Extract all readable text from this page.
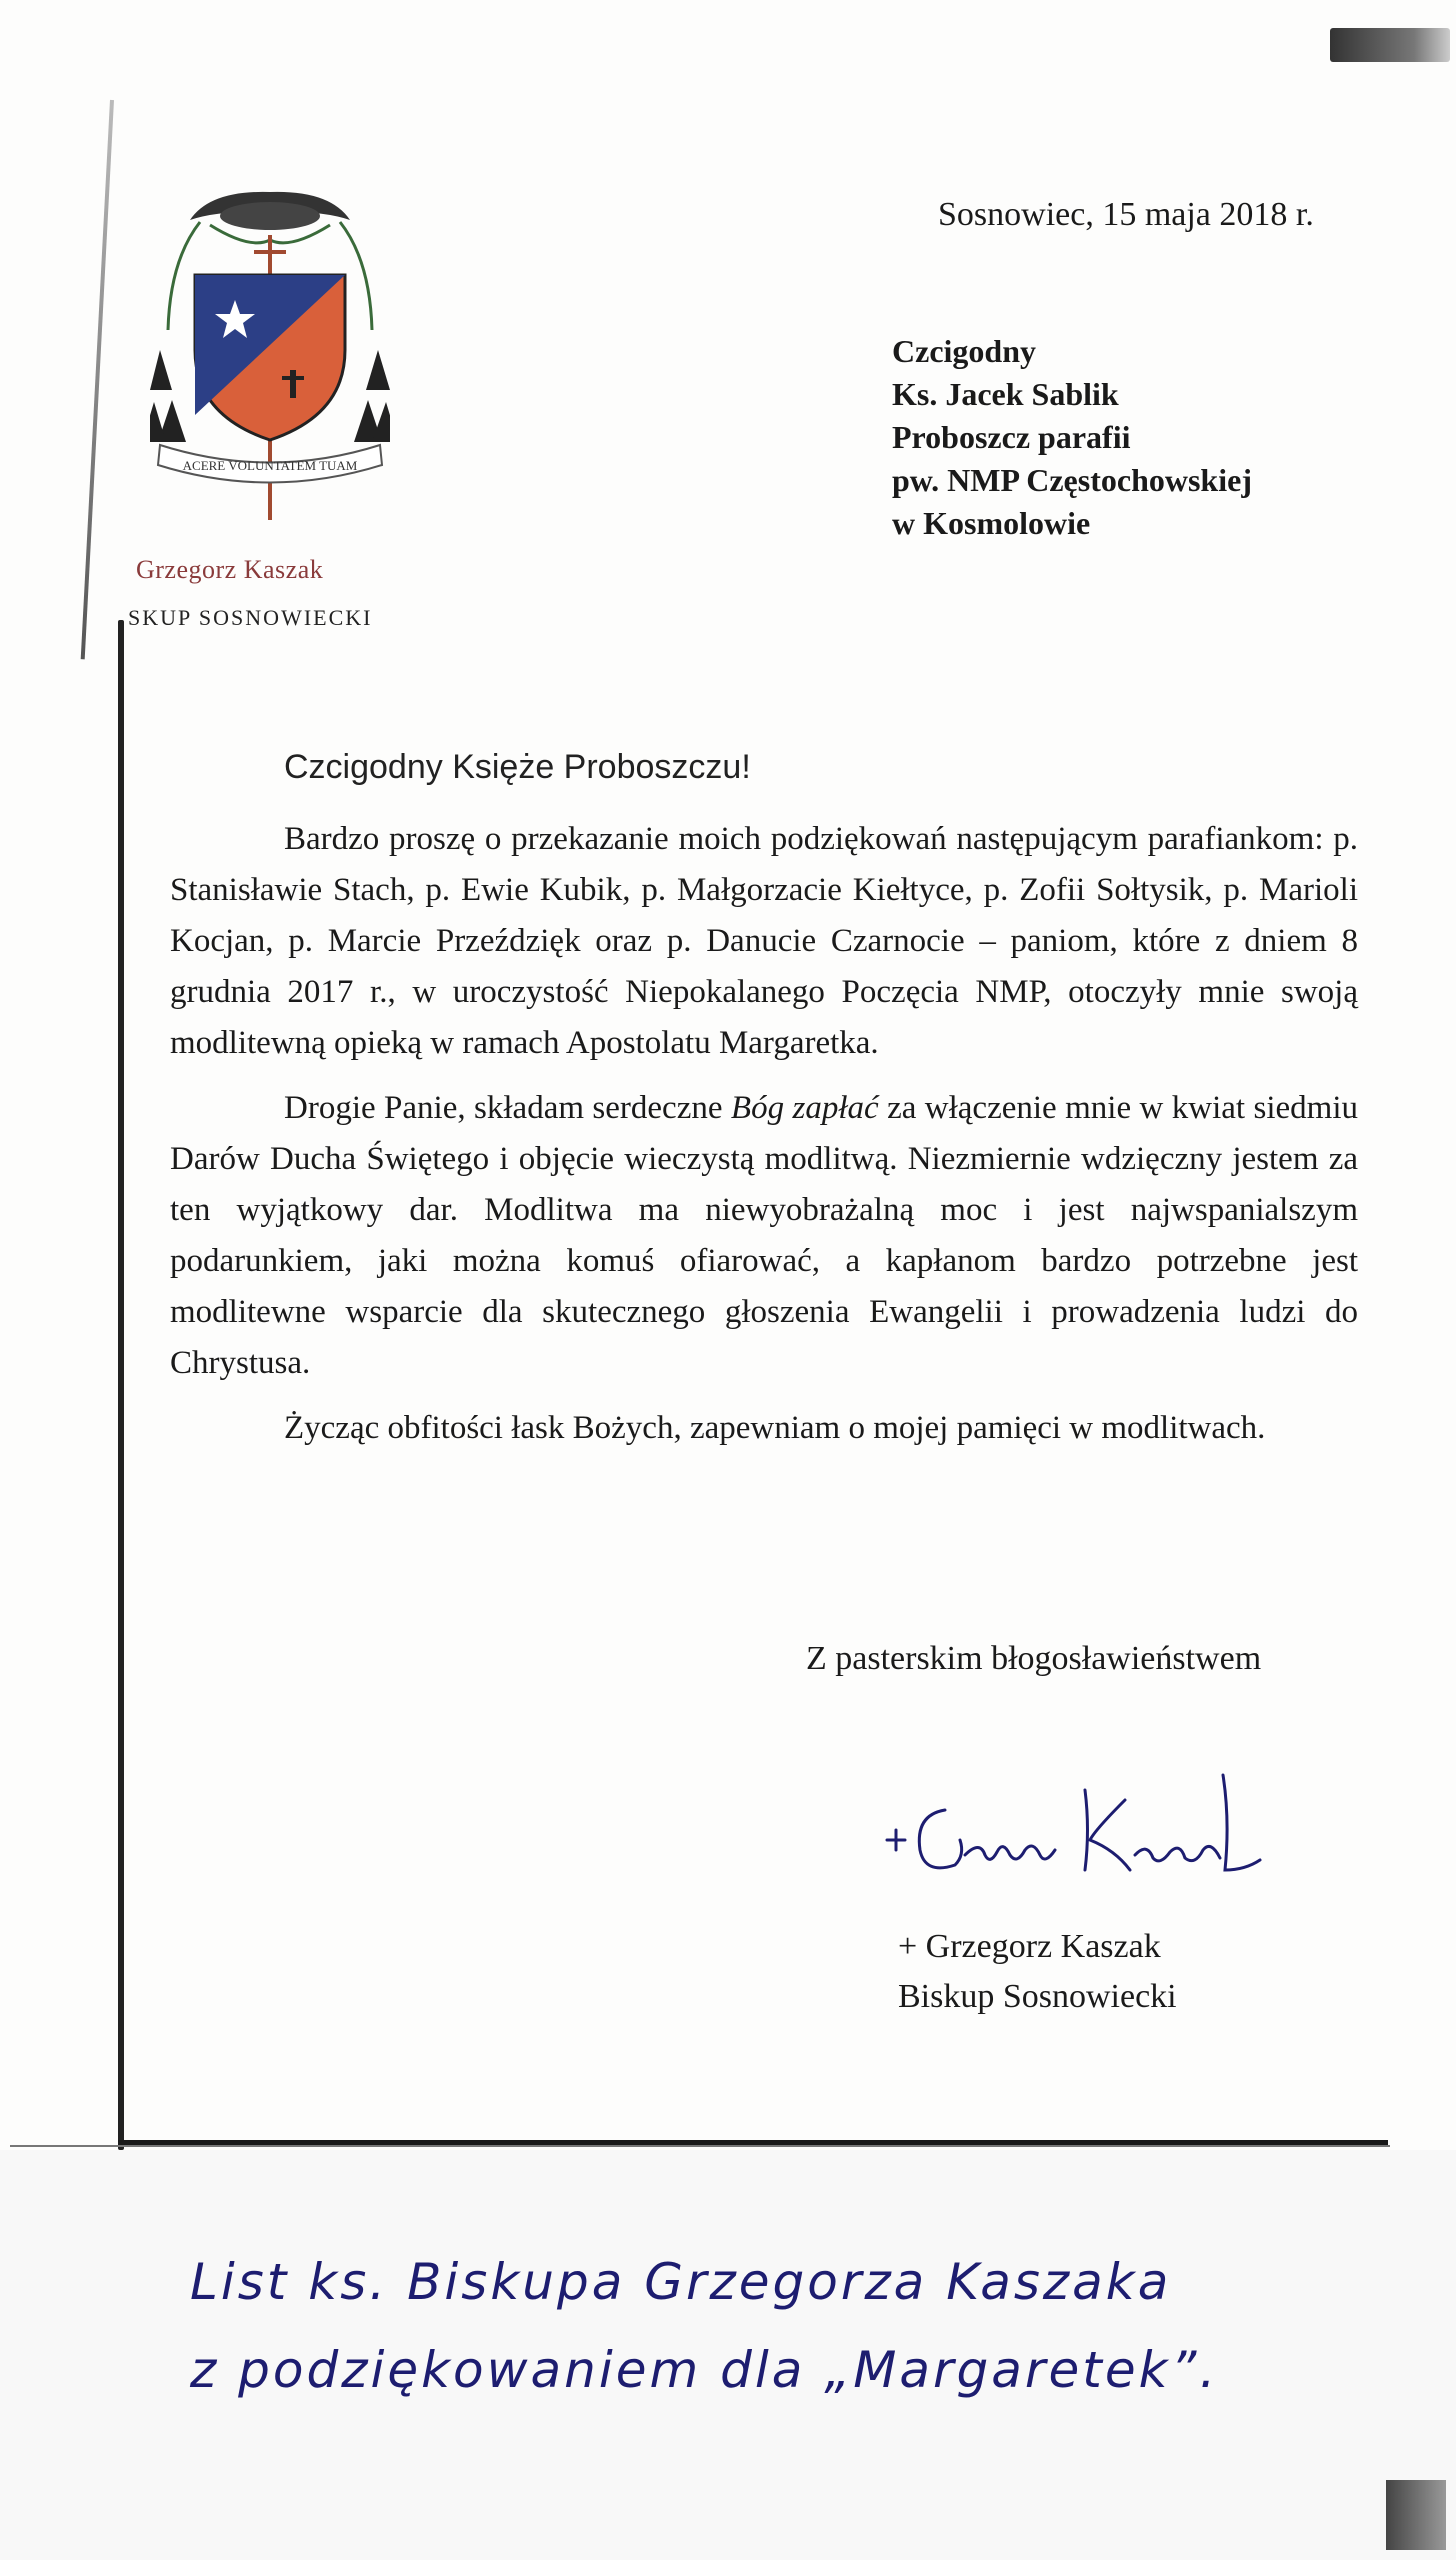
ACERE VOLUNTATEM TUAM
Grzegorz Kaszak
SKUP SOSNOWIECKI
Sosnowiec, 15 maja 2018 r.
Czcigodny
Ks. Jacek Sablik
Proboszcz parafii
pw. NMP Częstochowskiej
w Kosmolowie
Czcigodny Księże Proboszczu!

Bardzo proszę o przekazanie moich podziękowań następującym parafiankom: p. Stanisławie Stach, p. Ewie Kubik, p. Małgorzacie Kiełtyce, p. Zofii Sołtysik, p. Marioli Kocjan, p. Marcie Przeździęk oraz p. Danucie Czarnocie – paniom, które z dniem 8 grudnia 2017 r., w uroczystość Niepokalanego Poczęcia NMP, otoczyły mnie swoją modlitewną opieką w ramach Apostolatu Margaretka.

Drogie Panie, składam serdeczne Bóg zapłać za włączenie mnie w kwiat siedmiu Darów Ducha Świętego i objęcie wieczystą modlitwą. Niezmiernie wdzięczny jestem za ten wyjątkowy dar. Modlitwa ma niewyobrażalną moc i jest najwspanialszym podarunkiem, jaki można komuś ofiarować, a kapłanom bardzo potrzebne jest modlitewne wsparcie dla skutecznego głoszenia Ewangelii i prowadzenia ludzi do Chrystusa.

Życząc obfitości łask Bożych, zapewniam o mojej pamięci w modlitwach.

Z pasterskim błogosławieństwem
+ Grzegorz Kaszak
Biskup Sosnowiecki
List ks. Biskupa Grzegorza Kaszaka
z podziękowaniem dla „Margaretek”.
